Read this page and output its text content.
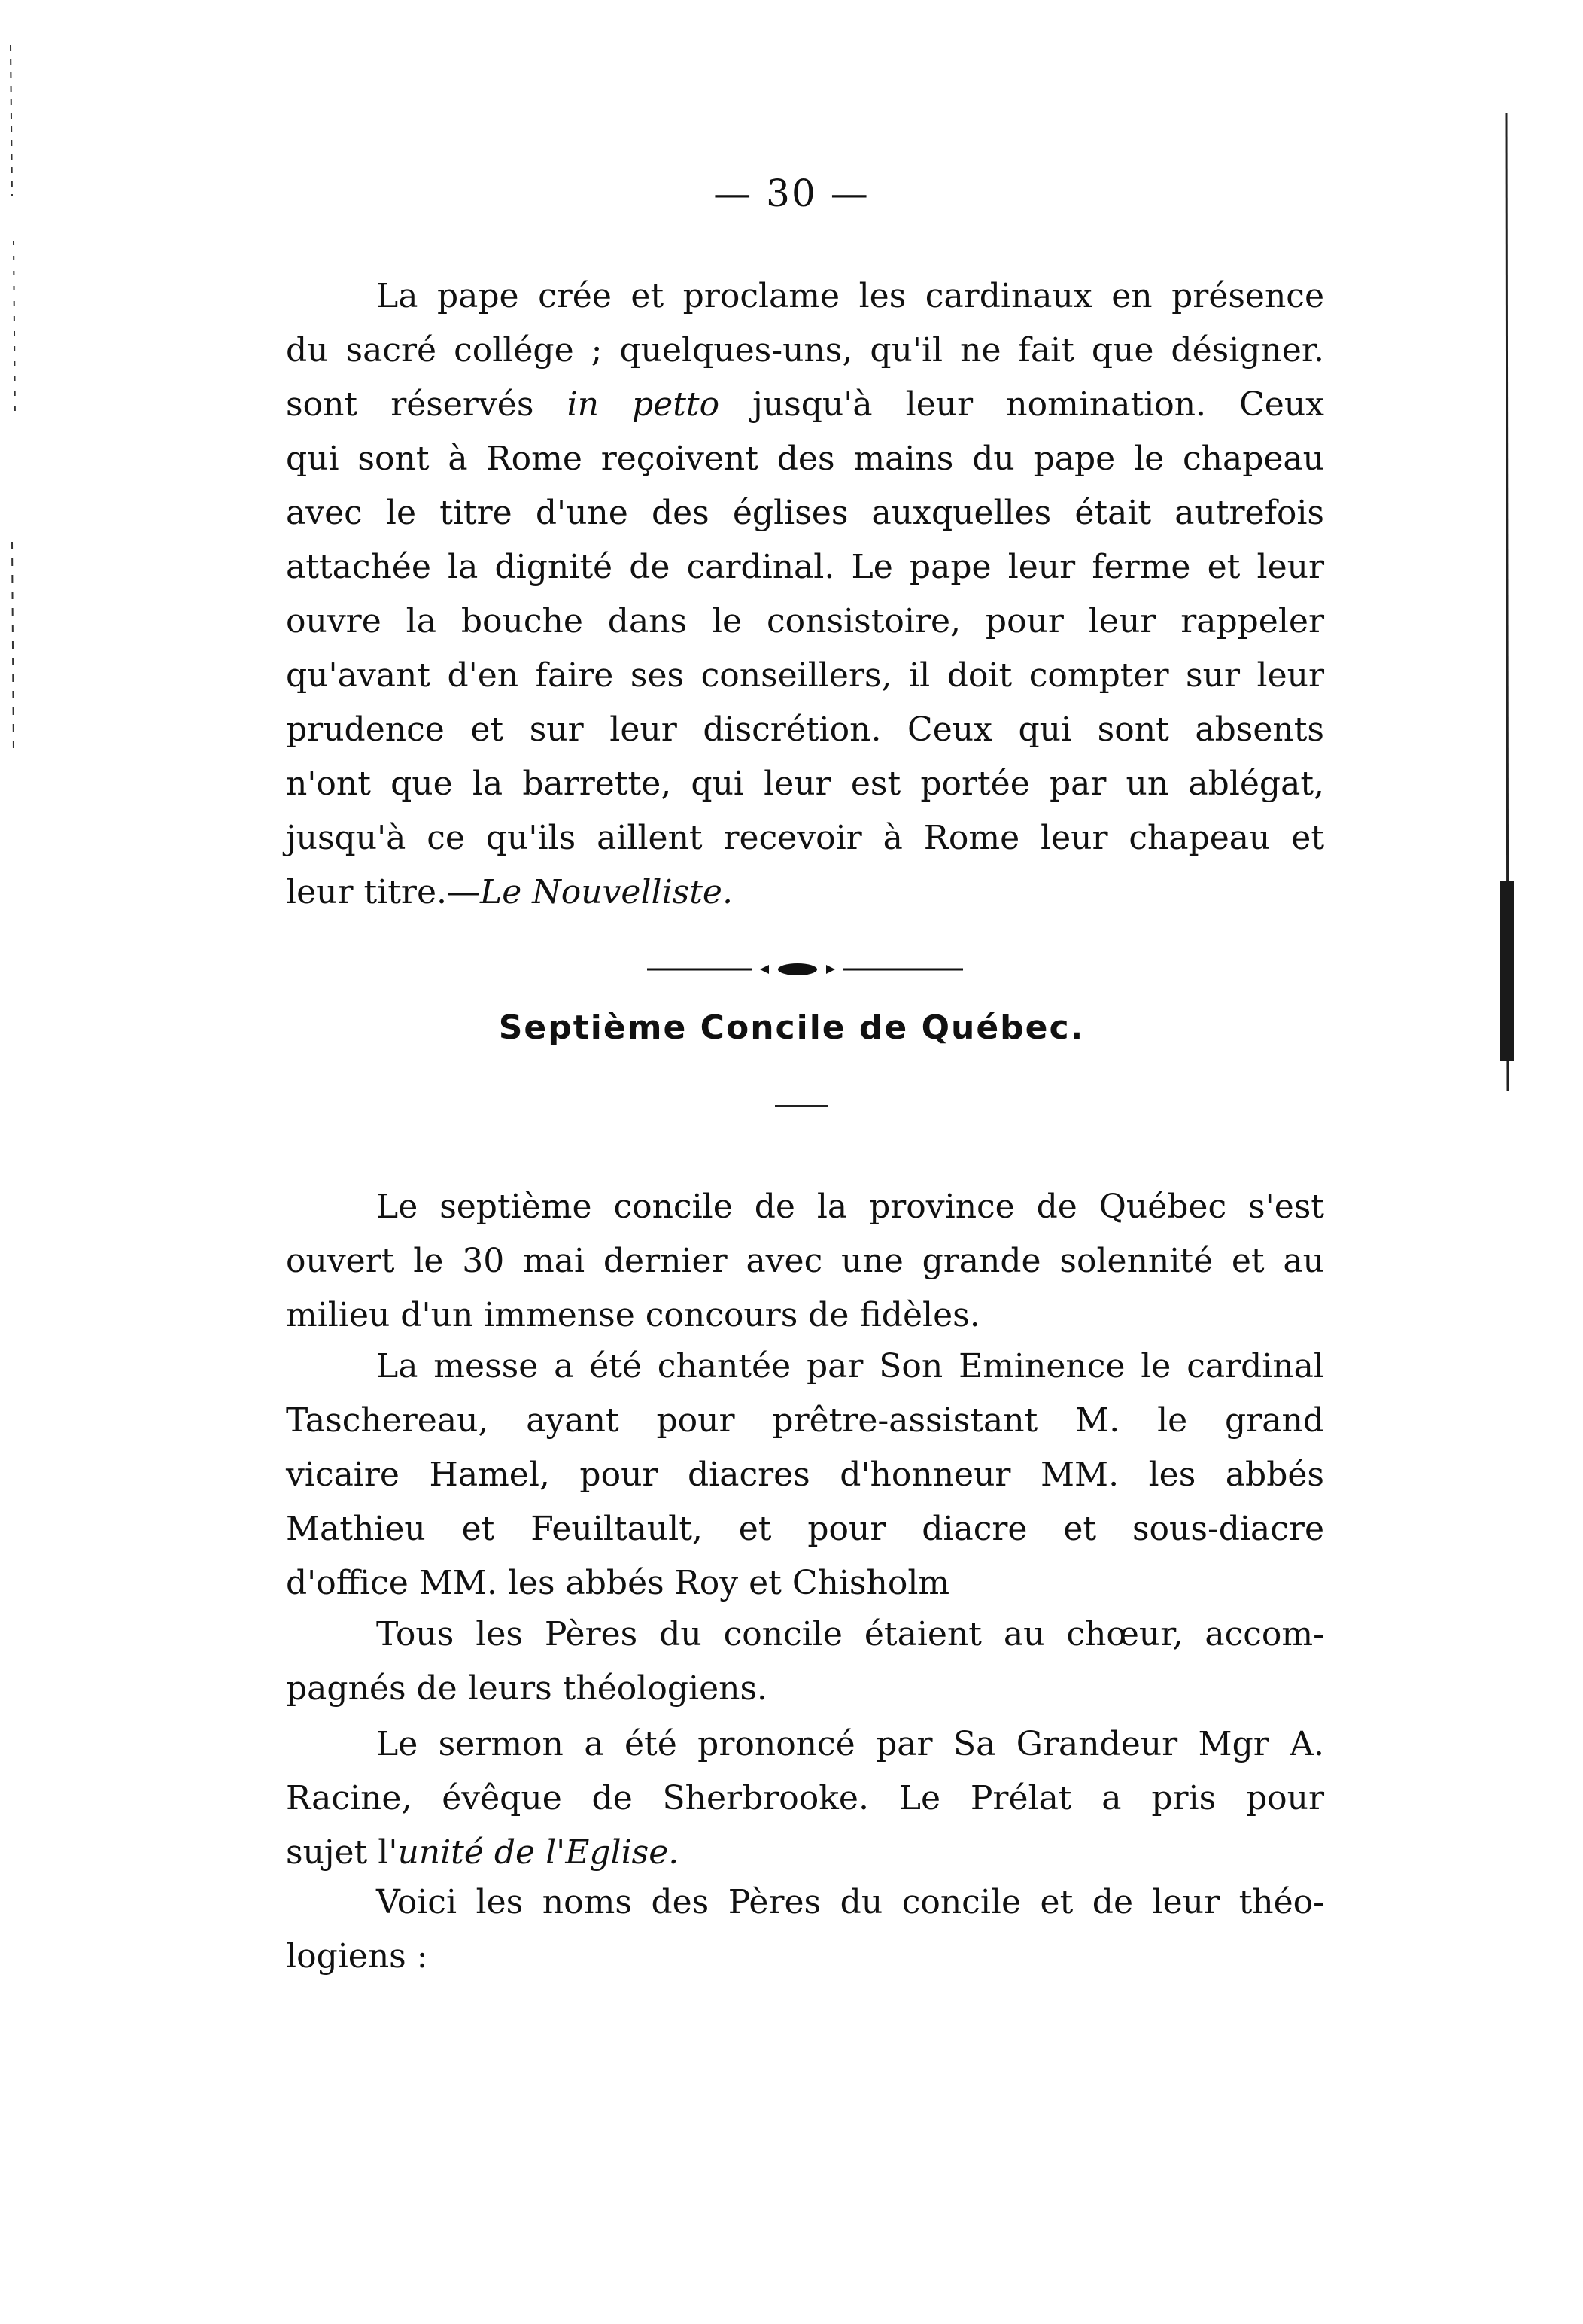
— 30 —
La pape crée et proclame les cardinaux en présence
du sacré collége ; quelques-uns, qu'il ne fait que désigner.
sont réservés in petto jusqu'à leur nomination. Ceux
qui sont à Rome reçoivent des mains du pape le chapeau
avec le titre d'une des églises auxquelles était autrefois
attachée la dignité de cardinal. Le pape leur ferme et leur
ouvre la bouche dans le consistoire, pour leur rappeler
qu'avant d'en faire ses conseillers, il doit compter sur leur
prudence et sur leur discrétion. Ceux qui sont absents
n'ont que la barrette, qui leur est portée par un ablégat,
jusqu'à ce qu'ils aillent recevoir à Rome leur chapeau et
leur titre.—Le Nouvelliste.
Septième Concile de Québec.
Le septième concile de la province de Québec s'est
ouvert le 30 mai dernier avec une grande solennité et au
milieu d'un immense concours de fidèles.
La messe a été chantée par Son Eminence le cardinal
Taschereau, ayant pour prêtre-assistant M. le grand
vicaire Hamel, pour diacres d'honneur MM. les abbés
Mathieu et Feuiltault, et pour diacre et sous-diacre
d'office MM. les abbés Roy et Chisholm
Tous les Pères du concile étaient au chœur, accom-
pagnés de leurs théologiens.
Le sermon a été prononcé par Sa Grandeur Mgr A.
Racine, évêque de Sherbrooke. Le Prélat a pris pour
sujet l'unité de l'Eglise.
Voici les noms des Pères du concile et de leur théo-
logiens :
